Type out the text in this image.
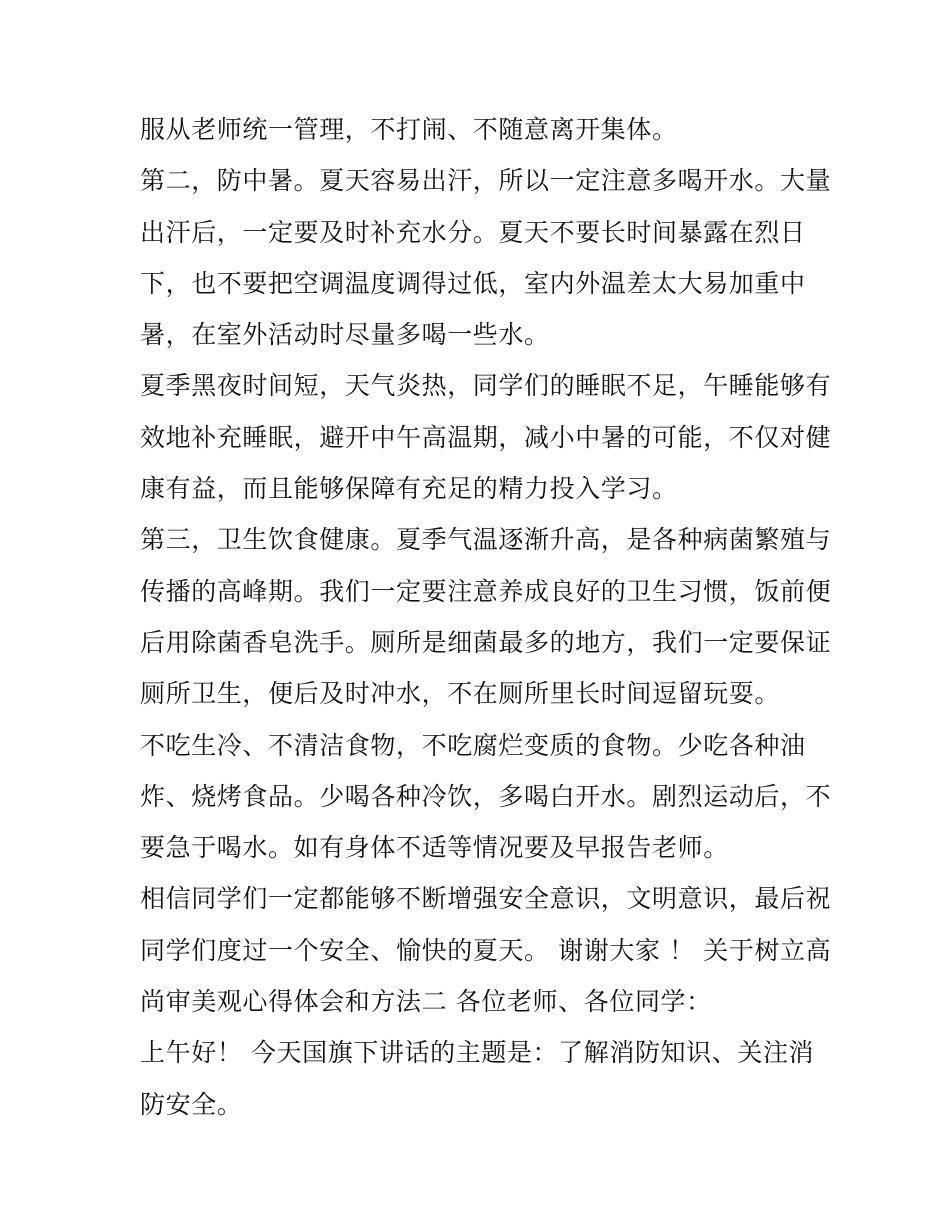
服从老师统一管理，不打闹、不随意离开集体。
第二，防中暑。夏天容易出汗，所以一定注意多喝开水。大量
出汗后，一定要及时补充水分。夏天不要长时间暴露在烈日
下，也不要把空调温度调得过低，室内外温差太大易加重中
暑，在室外活动时尽量多喝一些水。
夏季黑夜时间短，天气炎热，同学们的睡眠不足，午睡能够有
效地补充睡眠，避开中午高温期，减小中暑的可能，不仅对健
康有益，而且能够保障有充足的精力投入学习。
第三，卫生饮食健康。夏季气温逐渐升高，是各种病菌繁殖与
传播的高峰期。我们一定要注意养成良好的卫生习惯，饭前便
后用除菌香皂洗手。厕所是细菌最多的地方，我们一定要保证
厕所卫生，便后及时冲水，不在厕所里长时间逗留玩耍。
不吃生冷、不清洁食物，不吃腐烂变质的食物。少吃各种油
炸、烧烤食品。少喝各种冷饮，多喝白开水。剧烈运动后，不
要急于喝水。如有身体不适等情况要及早报告老师。
相信同学们一定都能够不断增强安全意识，文明意识，最后祝
同学们度过一个安全、愉快的夏天。 谢谢大家 ！ 关于树立高
尚审美观心得体会和方法二 各位老师、各位同学：
上午好！ 今天国旗下讲话的主题是：了解消防知识、关注消
防安全。
